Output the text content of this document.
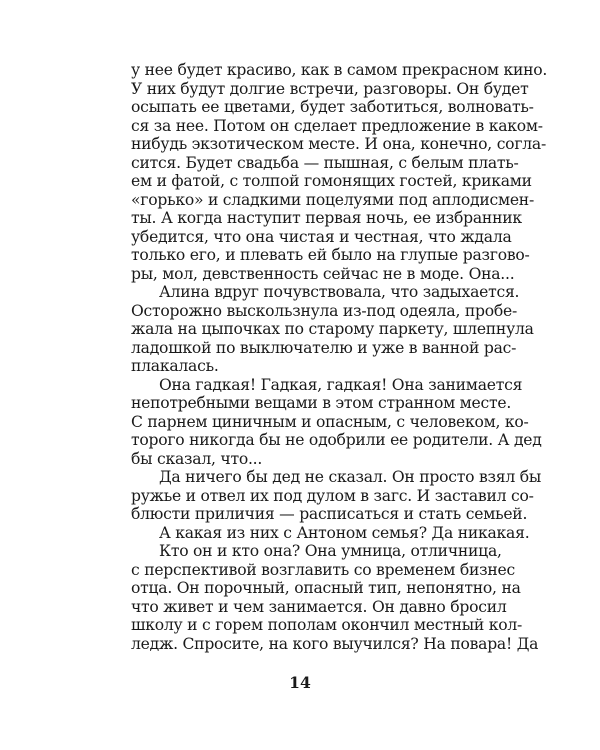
у нее будет красиво, как в самом прекрасном кино.
У них будут долгие встречи, разговоры. Он будет
осыпать ее цветами, будет заботиться, волновать-
ся за нее. Потом он сделает предложение в каком-
нибудь экзотическом месте. И она, конечно, согла-
сится. Будет свадьба — пышная, с белым плать-
ем и фатой, с толпой гомонящих гостей, криками
«горько» и сладкими поцелуями под аплодисмен-
ты. А когда наступит первая ночь, ее избранник
убедится, что она чистая и честная, что ждала
только его, и плевать ей было на глупые разгово-
ры, мол, девственность сейчас не в моде. Она...
Алина вдруг почувствовала, что задыхается.
Осторожно выскользнула из-под одеяла, пробе-
жала на цыпочках по старому паркету, шлепнула
ладошкой по выключателю и уже в ванной рас-
плакалась.
Она гадкая! Гадкая, гадкая! Она занимается
непотребными вещами в этом странном месте.
С парнем циничным и опасным, с человеком, ко-
торого никогда бы не одобрили ее родители. А дед
бы сказал, что...
Да ничего бы дед не сказал. Он просто взял бы
ружье и отвел их под дулом в загс. И заставил со-
блюсти приличия — расписаться и стать семьей.
А какая из них с Антоном семья? Да никакая.
Кто он и кто она? Она умница, отличница,
с перспективой возглавить со временем бизнес
отца. Он порочный, опасный тип, непонятно, на
что живет и чем занимается. Он давно бросил
школу и с горем пополам окончил местный кол-
ледж. Спросите, на кого выучился? На повара! Да
14
